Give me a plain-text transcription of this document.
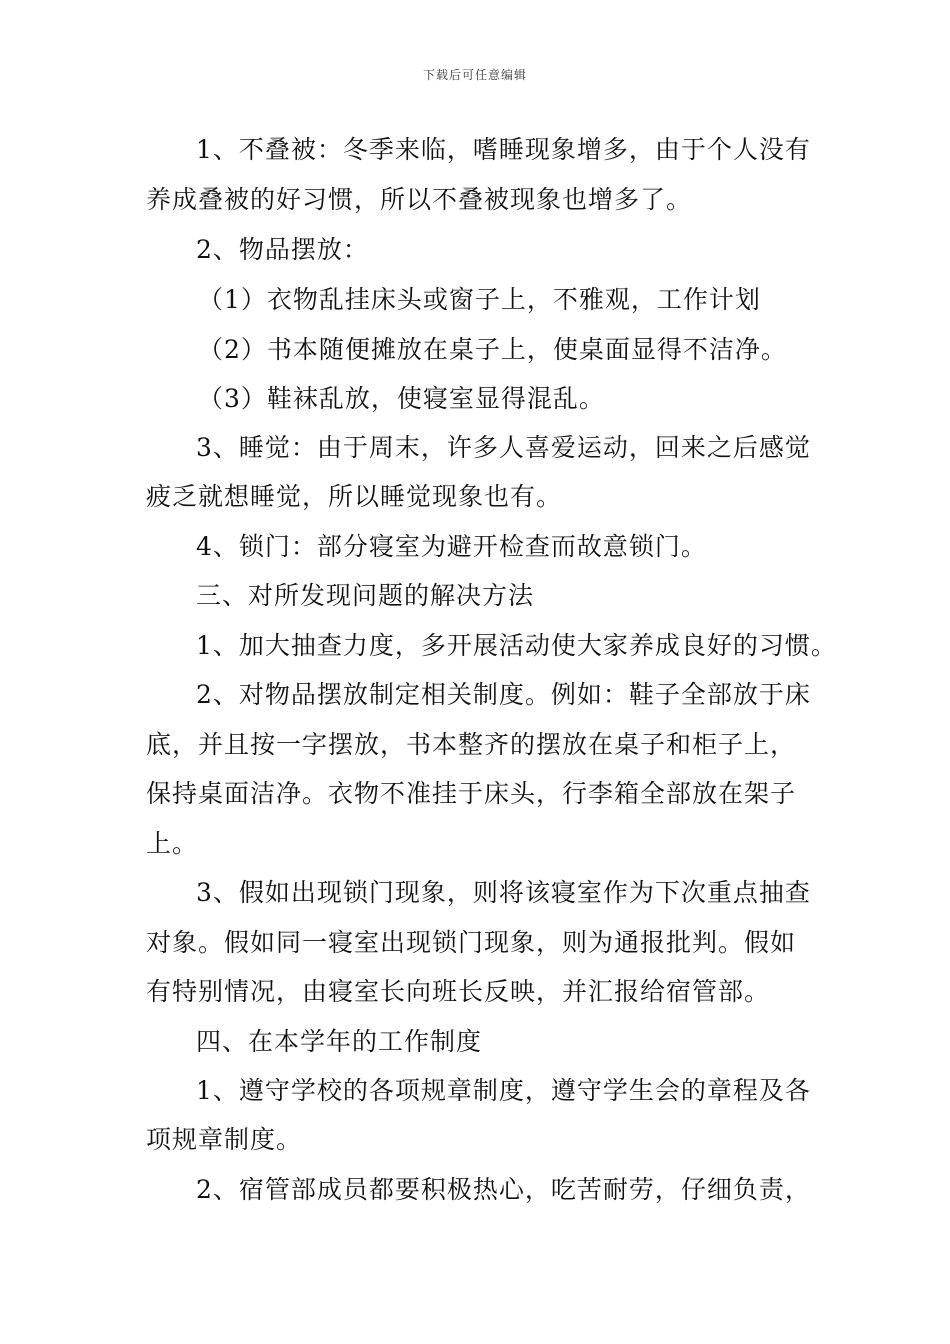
下载后可任意编辑
1、不叠被：冬季来临，嗜睡现象增多，由于个人没有
养成叠被的好习惯，所以不叠被现象也增多了。
2、物品摆放：
（1）衣物乱挂床头或窗子上，不雅观，工作计划
（2）书本随便摊放在桌子上，使桌面显得不洁净。
（3）鞋袜乱放，使寝室显得混乱。
3、睡觉：由于周末，许多人喜爱运动，回来之后感觉
疲乏就想睡觉，所以睡觉现象也有。
4、锁门：部分寝室为避开检查而故意锁门。
三、对所发现问题的解决方法
1、加大抽查力度，多开展活动使大家养成良好的习惯。
2、对物品摆放制定相关制度。例如：鞋子全部放于床
底，并且按一字摆放，书本整齐的摆放在桌子和柜子上，
保持桌面洁净。衣物不准挂于床头，行李箱全部放在架子
上。
3、假如出现锁门现象，则将该寝室作为下次重点抽查
对象。假如同一寝室出现锁门现象，则为通报批判。假如
有特别情况，由寝室长向班长反映，并汇报给宿管部。
四、在本学年的工作制度
1、遵守学校的各项规章制度，遵守学生会的章程及各
项规章制度。
2、宿管部成员都要积极热心，吃苦耐劳，仔细负责，
